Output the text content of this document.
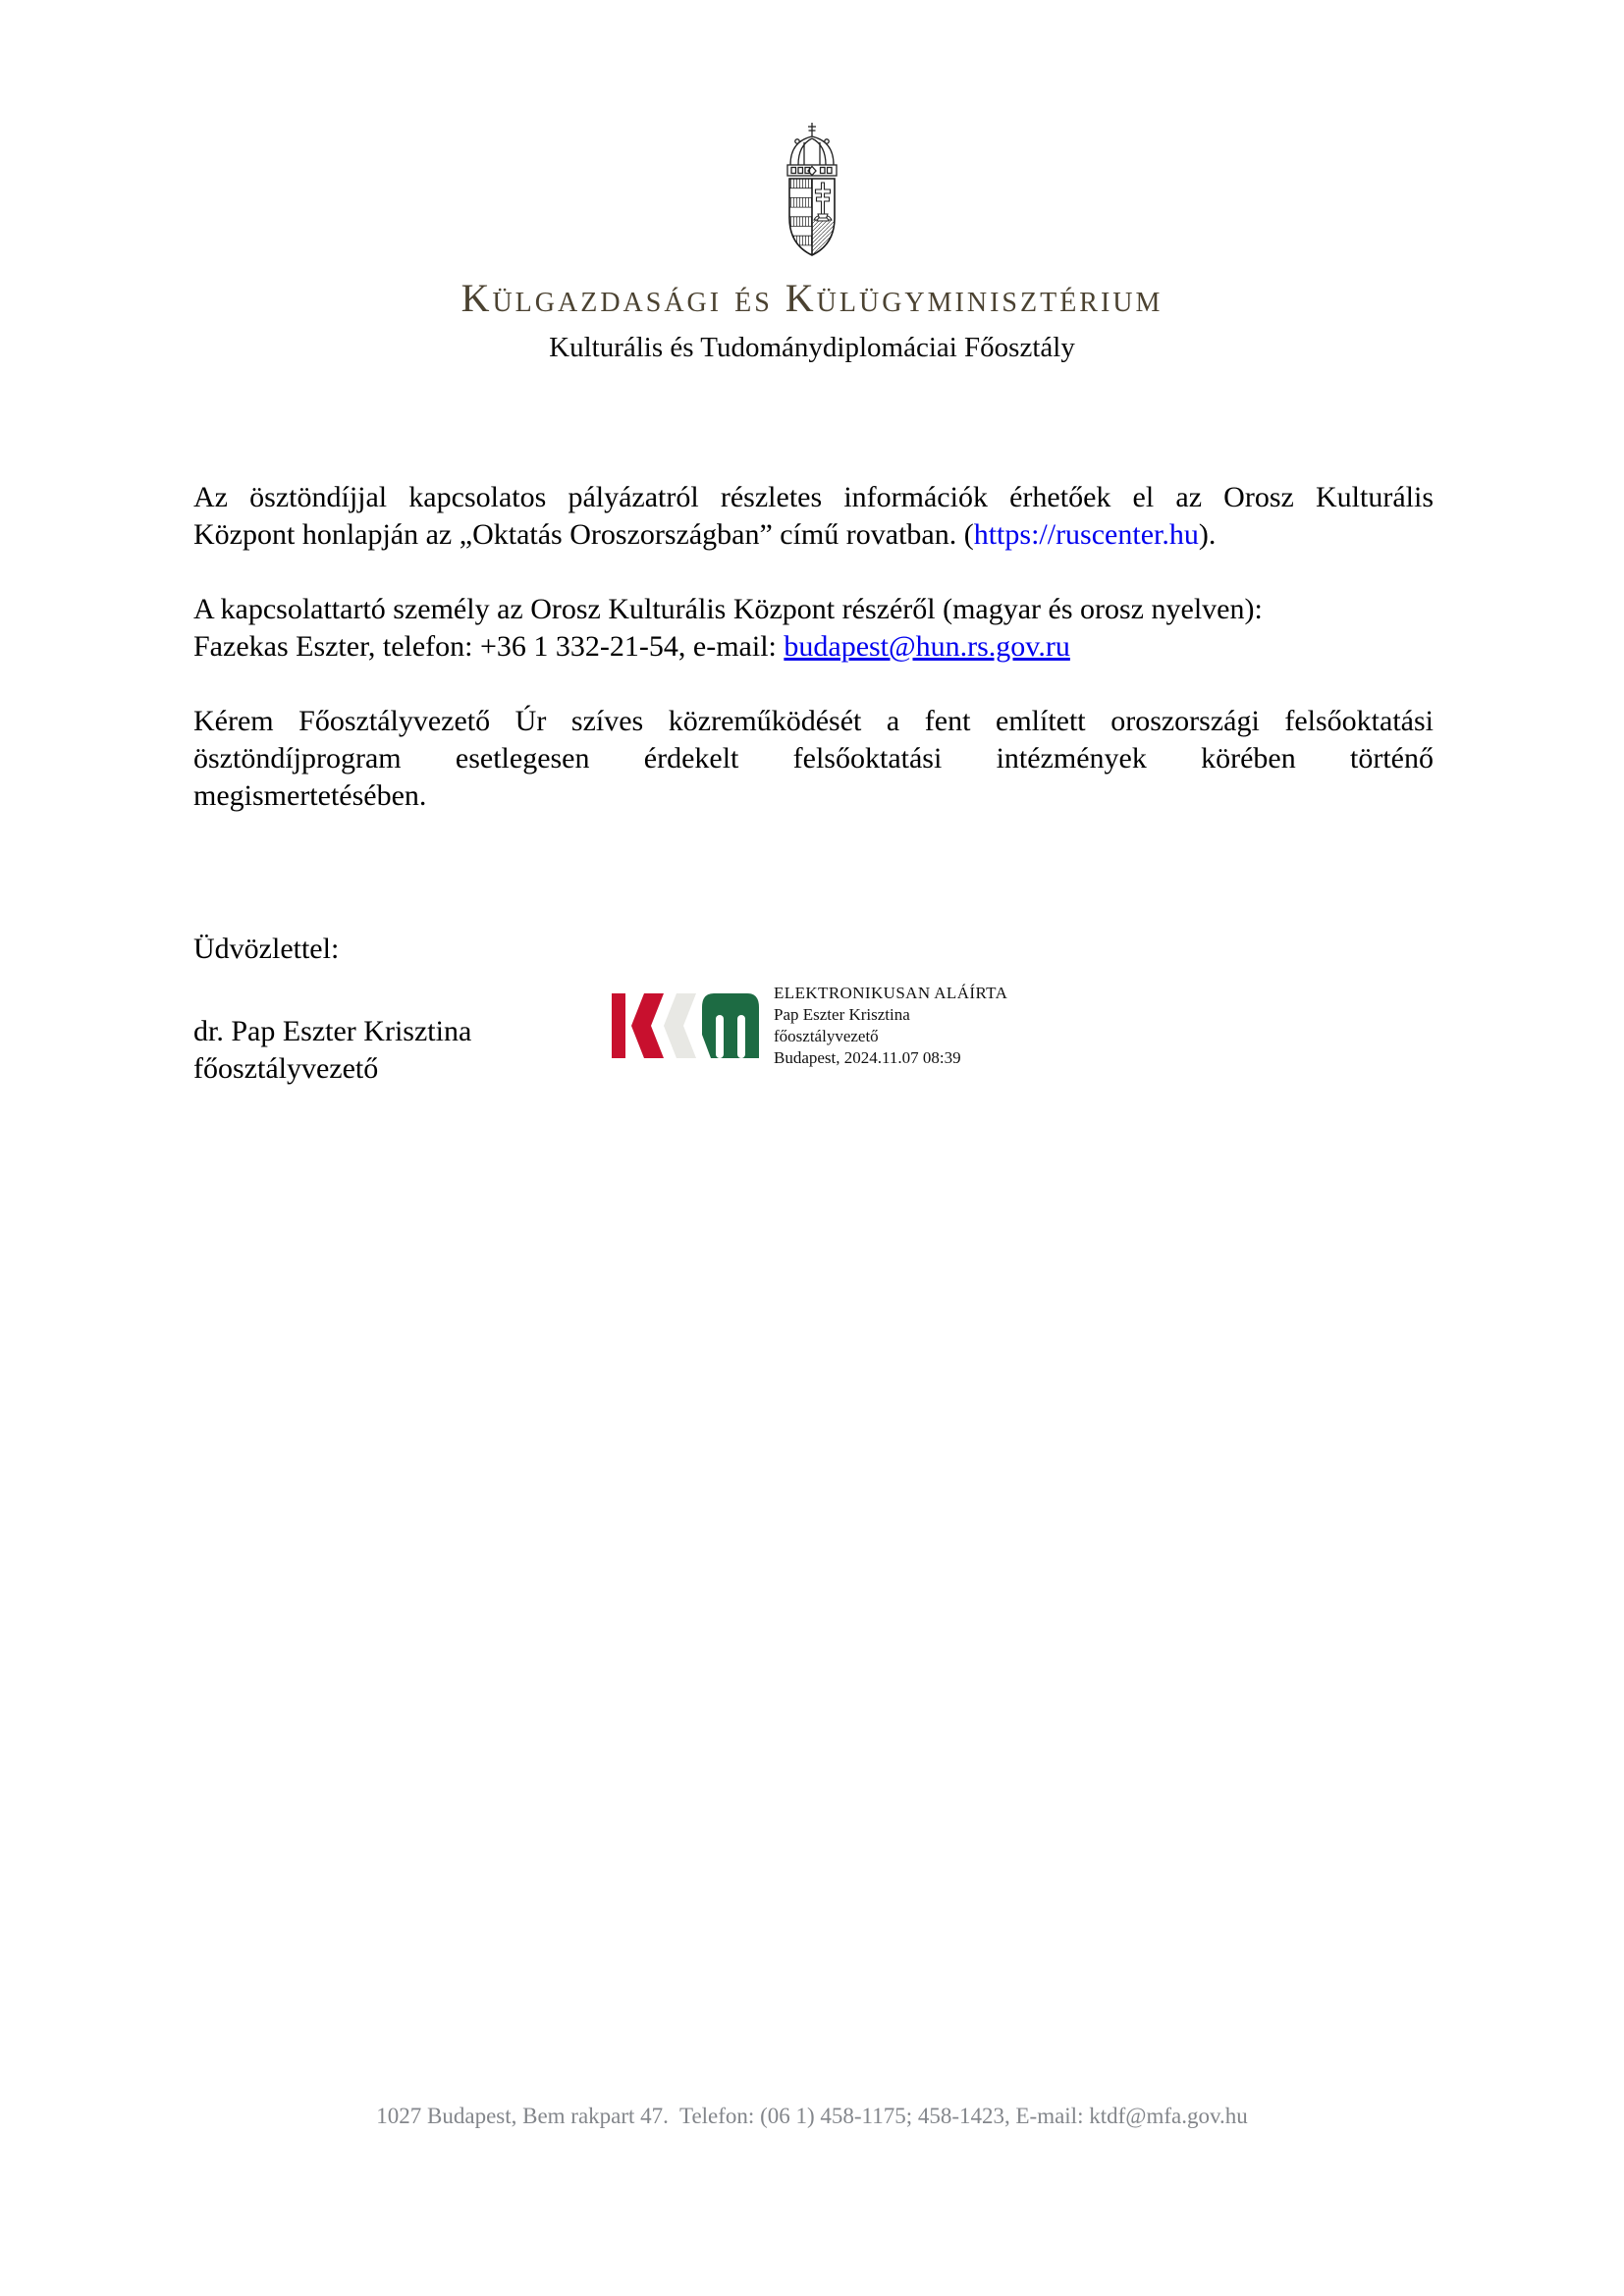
Külgazdasági és Külügyminisztérium
Kulturális és Tudománydiplomáciai Főosztály
Az ösztöndíjjal kapcsolatos pályázatról részletes információk érhetőek el az Orosz Kulturális
Központ honlapján az „Oktatás Oroszországban” című rovatban. (https://ruscenter.hu).
A kapcsolattartó személy az Orosz Kulturális Központ részéről (magyar és orosz nyelven):
Fazekas Eszter, telefon: +36 1 332-21-54, e-mail: budapest@hun.rs.gov.ru
Kérem Főosztályvezető Úr szíves közreműködését a fent említett oroszországi felsőoktatási
ösztöndíjprogram esetlegesen érdekelt felsőoktatási intézmények körében történő
megismertetésében.
Üdvözlettel:
dr. Pap Eszter Krisztina
főosztályvezető
ELEKTRONIKUSAN ALÁÍRTA
Pap Eszter Krisztina
főosztályvezető
Budapest, 2024.11.07 08:39
1027 Budapest, Bem rakpart 47.  Telefon: (06 1) 458-1175; 458-1423, E-mail: ktdf@mfa.gov.hu
